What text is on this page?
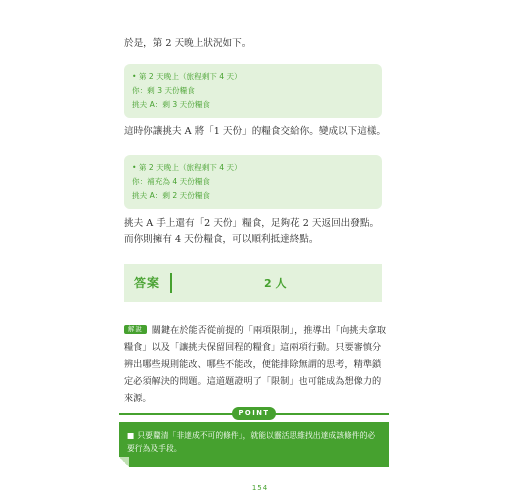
於是，第 2 天晚上狀況如下。

• 第 2 天晚上（旅程剩下 4 天）
你：剩 3 天份糧食
挑夫 A：剩 3 天份糧食

這時你讓挑夫 A 將「1 天份」的糧食交給你。變成以下這樣。

• 第 2 天晚上（旅程剩下 4 天）
你：補充為 4 天份糧食
挑夫 A：剩 2 天份糧食

挑夫 A 手上還有「2 天份」糧食，足夠花 2 天返回出發點。
而你則擁有 4 天份糧食，可以順利抵達終點。

答案	2 人

解說 關鍵在於能否從前提的「兩項限制」，推導出「向挑夫拿取糧食」以及「讓挑夫保留回程的糧食」這兩項行動。只要審慎分辨出哪些規則能改、哪些不能改，便能排除無謂的思考，精準鎖定必須解決的問題。這道題證明了「限制」也可能成為想像力的來源。

POINT
■ 只要釐清「非達成不可的條件」，就能以靈活思維找出達成該條件的必要行為及手段。
154
